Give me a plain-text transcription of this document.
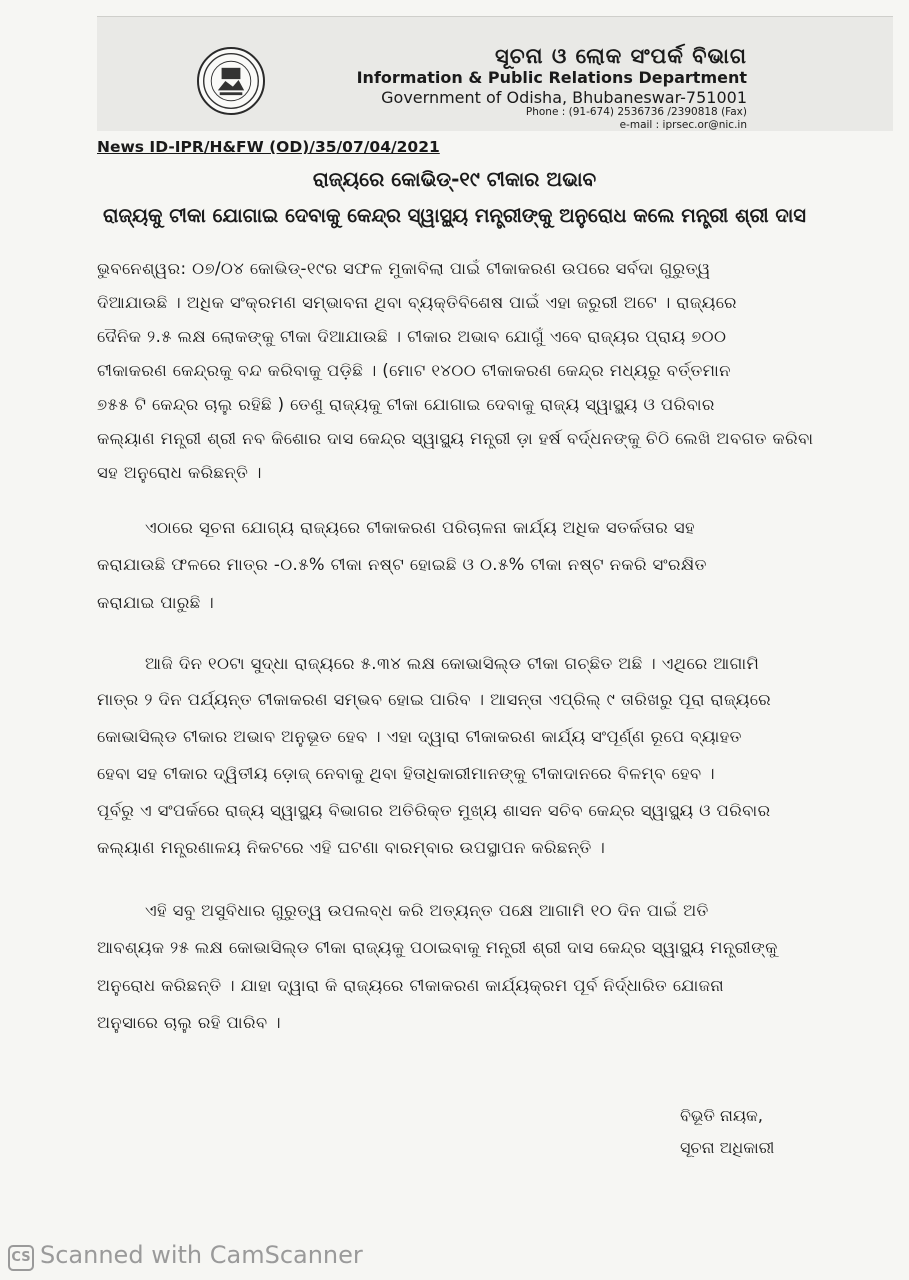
ସୂଚନା ଓ ଲୋକ ସଂପର୍କ ବିଭାଗ
Information & Public Relations Department
Government of Odisha, Bhubaneswar-751001
Phone : (91-674) 2536736 /2390818 (Fax)
e-mail : iprsec.or@nic.in
News ID-IPR/H&FW (OD)/35/07/04/2021
ରାଜ୍ୟରେ କୋଭିଡ୍-୧୯ ଟୀକାର ଅଭାବ
ରାଜ୍ୟକୁ ଟୀକା ଯୋଗାଇ ଦେବାକୁ କେନ୍ଦ୍ର ସ୍ୱାସ୍ଥ୍ୟ ମନ୍ତ୍ରୀଙ୍କୁ ଅନୁରୋଧ କଲେ ମନ୍ତ୍ରୀ ଶ୍ରୀ ଦାସ
ଭୁବନେଶ୍ୱର: ୦୭/୦୪ କୋଭିଡ୍-୧୯ର ସଫଳ ମୁକାବିଲା ପାଇଁ ଟୀକାକରଣ ଉପରେ ସର୍ବଦା ଗୁରୁତ୍ୱ
ଦିଆଯାଉଛି । ଅଧିକ ସଂକ୍ରମଣ ସମ୍ଭାବନା ଥିବା ବ୍ୟକ୍ତିବିଶେଷ ପାଇଁ ଏହା ଜରୁରୀ ଅଟେ । ରାଜ୍ୟରେ
ଦୈନିକ ୨.୫ ଲକ୍ଷ ଲୋକଙ୍କୁ ଟୀକା ଦିଆଯାଉଛି । ଟୀକାର ଅଭାବ ଯୋଗୁଁ ଏବେ ରାଜ୍ୟର ପ୍ରାୟ ୭୦୦
ଟୀକାକରଣ କେନ୍ଦ୍ରକୁ ବନ୍ଦ କରିବାକୁ ପଡ଼ିଛି । (ମୋଟ ୧୪୦୦ ଟୀକାକରଣ କେନ୍ଦ୍ର ମଧ୍ୟରୁ ବର୍ତ୍ତମାନ
୭୫୫ ଟି କେନ୍ଦ୍ର ଚାଲୁ ରହିଛି ) ତେଣୁ ରାଜ୍ୟକୁ ଟୀକା ଯୋଗାଇ ଦେବାକୁ ରାଜ୍ୟ ସ୍ୱାସ୍ଥ୍ୟ ଓ ପରିବାର
କଲ୍ୟାଣ ମନ୍ତ୍ରୀ ଶ୍ରୀ ନବ କିଶୋର ଦାସ କେନ୍ଦ୍ର ସ୍ୱାସ୍ଥ୍ୟ ମନ୍ତ୍ରୀ ଡ଼ା ହର୍ଷ ବର୍ଦ୍ଧନଙ୍କୁ ଚିଠି ଲେଖି ଅବଗତ କରିବା
ସହ ଅନୁରୋଧ କରିଛନ୍ତି ।
ଏଠାରେ ସୂଚନା ଯୋଗ୍ୟ ରାଜ୍ୟରେ ଟୀକାକରଣ ପରିଚାଳନା କାର୍ଯ୍ୟ ଅଧିକ ସତର୍କତାର ସହ
କରାଯାଉଛି ଫଳରେ ମାତ୍ର -୦.୫% ଟୀକା ନଷ୍ଟ ହୋଇଛି ଓ ୦.୫% ଟୀକା ନଷ୍ଟ ନକରି ସଂରକ୍ଷିତ
କରାଯାଇ ପାରୁଛି ।
ଆଜି ଦିନ ୧୦ଟା ସୁଦ୍ଧା ରାଜ୍ୟରେ ୫.୩୪ ଲକ୍ଷ କୋଭାସିଲ୍ଡ ଟୀକା ଗଚ୍ଛିତ ଅଛି । ଏଥିରେ ଆଗାମି
ମାତ୍ର ୨ ଦିନ ପର୍ଯ୍ୟନ୍ତ ଟୀକାକରଣ ସମ୍ଭବ ହୋଇ ପାରିବ । ଆସନ୍ତା ଏପ୍ରିଲ୍ ୯ ତାରିଖରୁ ପୂରା ରାଜ୍ୟରେ
କୋଭାସିଲ୍ଡ ଟୀକାର ଅଭାବ ଅନୁଭୂତ ହେବ । ଏହା ଦ୍ୱାରା ଟୀକାକରଣ କାର୍ଯ୍ୟ ସଂପୂର୍ଣ୍ଣ ରୂପେ ବ୍ୟାହତ
ହେବା ସହ ଟୀକାର ଦ୍ୱିତୀୟ ଡ଼ୋଜ୍ ନେବାକୁ ଥିବା ହିତାଧିକାରୀମାନଙ୍କୁ ଟୀକାଦାନରେ ବିଳମ୍ବ ହେବ ।
ପୂର୍ବରୁ ଏ ସଂପର୍କରେ ରାଜ୍ୟ ସ୍ୱାସ୍ଥ୍ୟ ବିଭାଗର ଅତିରିକ୍ତ ମୁଖ୍ୟ ଶାସନ ସଚିବ କେନ୍ଦ୍ର ସ୍ୱାସ୍ଥ୍ୟ ଓ ପରିବାର
କଲ୍ୟାଣ ମନ୍ତ୍ରଣାଳୟ ନିକଟରେ ଏହି ଘଟଣା ବାରମ୍ବାର ଉପସ୍ଥାପନ କରିଛନ୍ତି ।
ଏହି ସବୁ ଅସୁବିଧାର ଗୁରୁତ୍ୱ ଉପଲବ୍ଧ କରି ଅତ୍ୟନ୍ତ ପକ୍ଷେ ଆଗାମି ୧୦ ଦିନ ପାଇଁ ଅତି
ଆବଶ୍ୟକ ୨୫ ଲକ୍ଷ କୋଭାସିଲ୍ଡ ଟୀକା ରାଜ୍ୟକୁ ପଠାଇବାକୁ ମନ୍ତ୍ରୀ ଶ୍ରୀ ଦାସ କେନ୍ଦ୍ର ସ୍ୱାସ୍ଥ୍ୟ ମନ୍ତ୍ରୀଙ୍କୁ
ଅନୁରୋଧ କରିଛନ୍ତି । ଯାହା ଦ୍ୱାରା କି ରାଜ୍ୟରେ ଟୀକାକରଣ କାର୍ଯ୍ୟକ୍ରମ ପୂର୍ବ ନିର୍ଦ୍ଧାରିତ ଯୋଜନା
ଅନୁସାରେ ଚାଲୁ ରହି ପାରିବ ।
ବିଭୂତି ନାୟକ,
ସୂଚନା ଅଧିକାରୀ
CS Scanned with CamScanner
